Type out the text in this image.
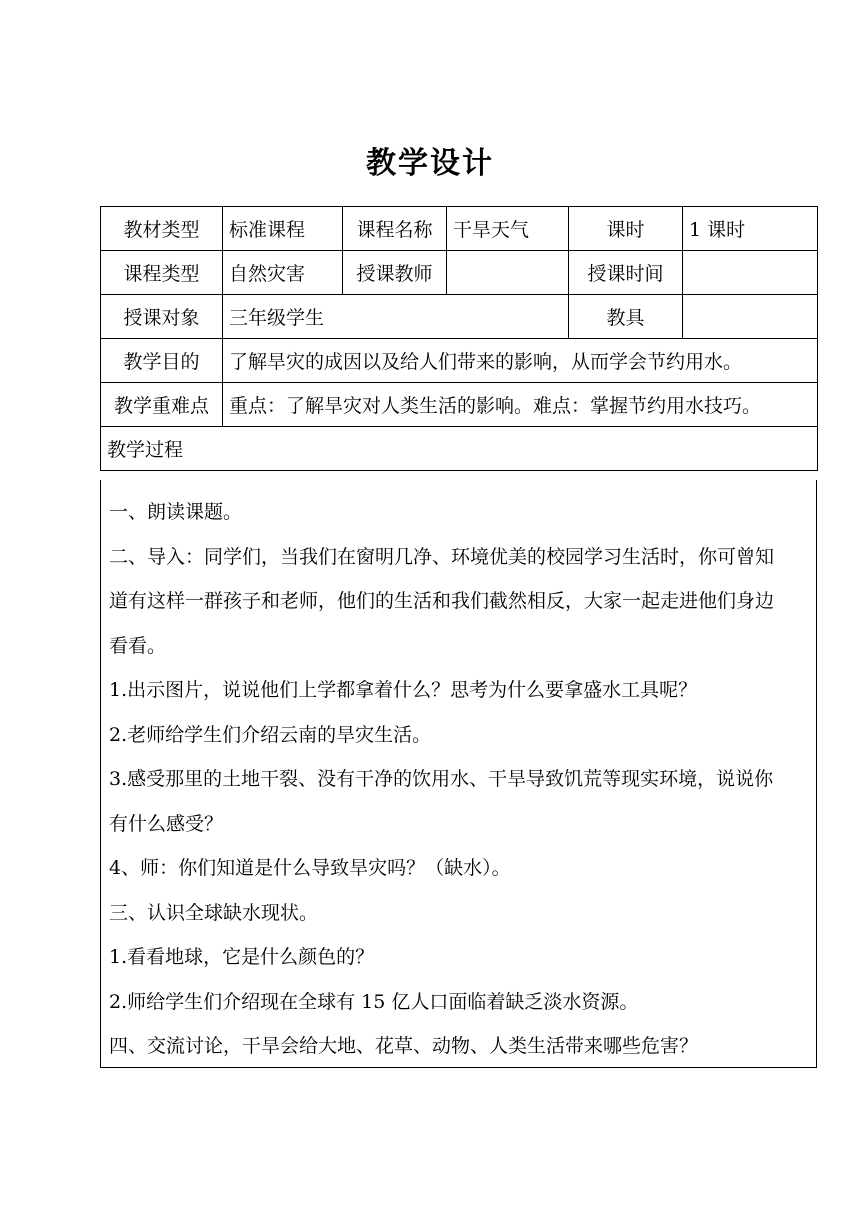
教学设计
教材类型	标准课程	课程名称	干旱天气	课时	1 课时
课程类型	自然灾害	授课教师		授课时间	
授课对象	三年级学生			教具	
教学目的	了解旱灾的成因以及给人们带来的影响，从而学会节约用水。				
教学重难点	重点：了解旱灾对人类生活的影响。难点：掌握节约用水技巧。				
教学过程					

一、朗读课题。

二、导入：同学们，当我们在窗明几净、环境优美的校园学习生活时，你可曾知

道有这样一群孩子和老师，他们的生活和我们截然相反，大家一起走进他们身边

看看。

1.出示图片，说说他们上学都拿着什么？思考为什么要拿盛水工具呢？

2.老师给学生们介绍云南的旱灾生活。

3.感受那里的土地干裂、没有干净的饮用水、干旱导致饥荒等现实环境，说说你

有什么感受？

4、师：你们知道是什么导致旱灾吗？（缺水）。

三、认识全球缺水现状。

1.看看地球，它是什么颜色的？

2.师给学生们介绍现在全球有 15 亿人口面临着缺乏淡水资源。

四、交流讨论，干旱会给大地、花草、动物、人类生活带来哪些危害？
